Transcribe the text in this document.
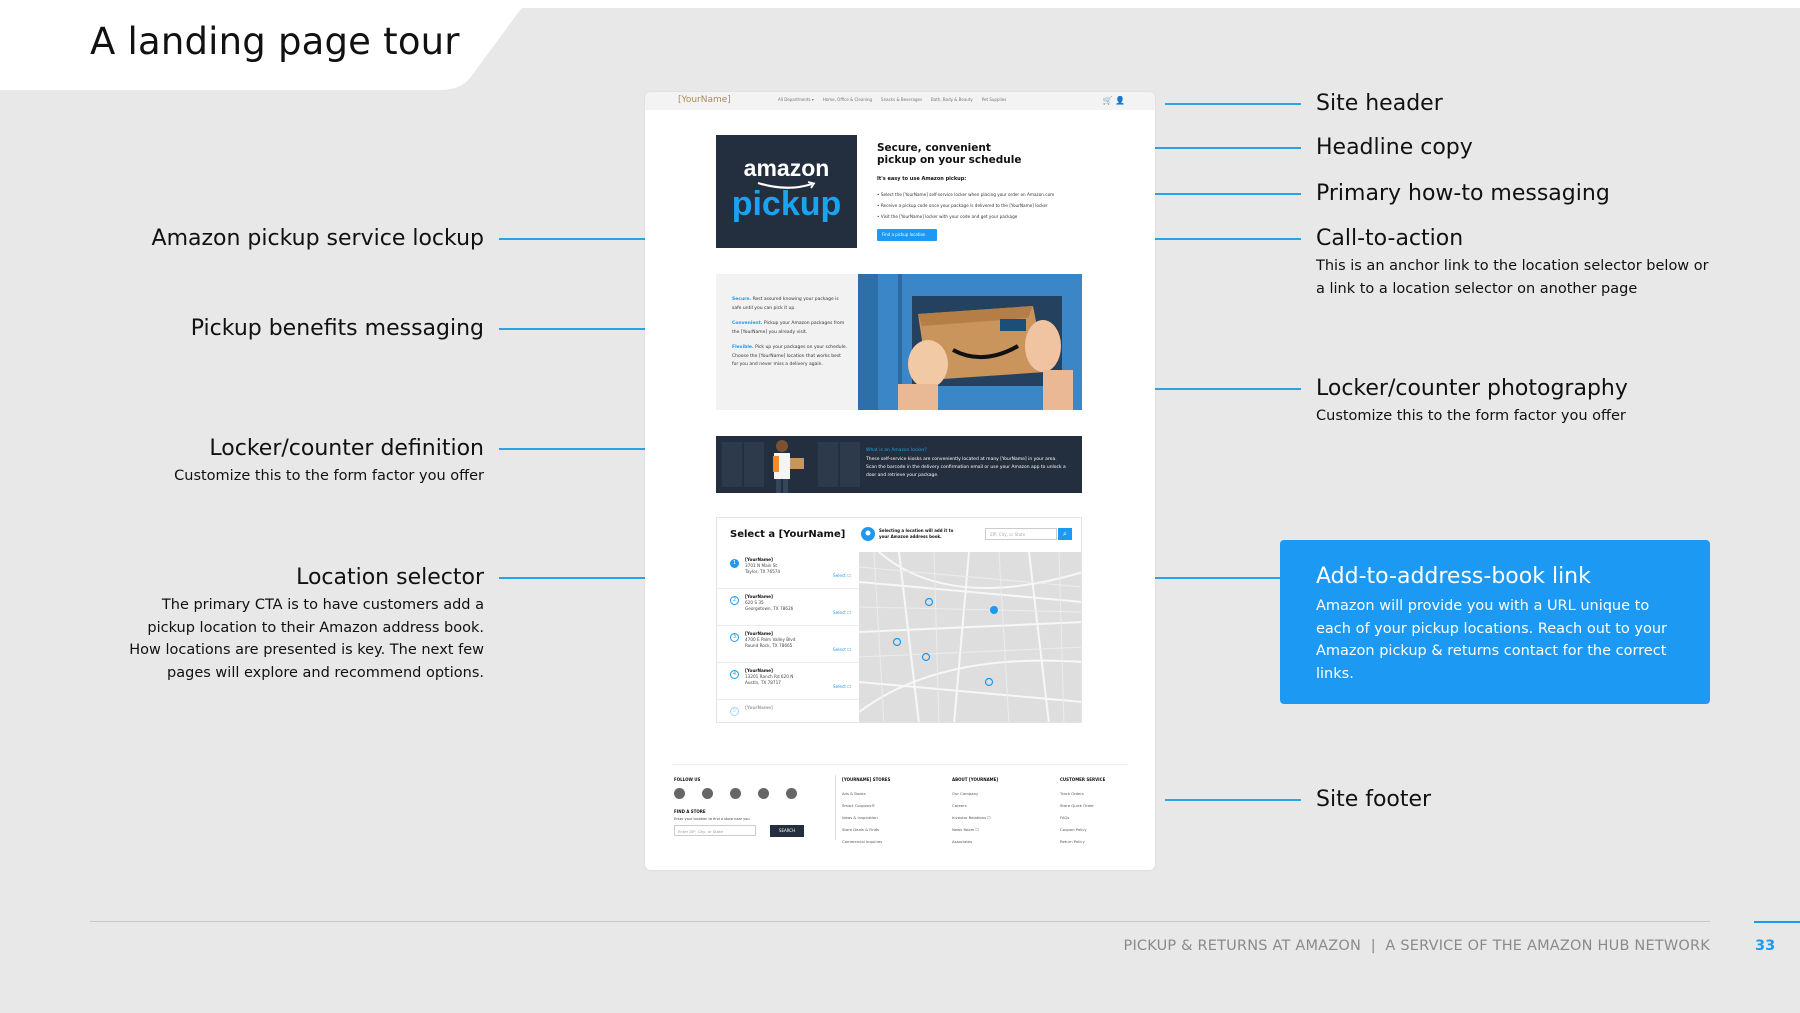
A landing page tour
Amazon pickup service lockup
Pickup benefits messaging
Locker/counter definition
Customize this to the form factor you offer
Location selector
The primary CTA is to have customers add a pickup location to their Amazon address book. How locations are presented is key. The next few pages will explore and recommend options.
Site header
Headline copy
Primary how-to messaging
Call-to-action
This is an anchor link to the location selector below or a link to a location selector on another page
Locker/counter photography
Customize this to the form factor you offer
Add-to-address-book link
Amazon will provide you with a URL unique to each of your pickup locations. Reach out to your Amazon pickup & returns contact for the correct links.
Site footer
[YourName]	All Departments ▾ Home, Office & Cleaning Snacks & Beverages Bath, Body & Beauty Pet Supplies	🛒 👤
amazon
pickup
Secure, convenient pickup on your schedule
It's easy to use Amazon pickup:
• Select the [YourName] self-service locker when placing your order on Amazon.com
• Receive a pickup code once your package is delivered to the [YourName] locker
• Visit the [YourName] locker with your code and get your package
Find a pickup location

Secure. Rest assured knowing your package is safe until you can pick it up.

Convenient. Pickup your Amazon packages from the [YourName] you already visit.

Flexible. Pick up your packages on your schedule. Choose the [YourName] location that works best for you and never miss a delivery again.

What is an Amazon locker?
These self-service kiosks are conveniently located at many [YourName] in your area. Scan the barcode in the delivery confirmation email or use your Amazon app to unlock a door and retrieve your package.
Select a [YourName]	Selecting a location will add it to your Amazon address book.	ZIP, City, or State	⌕
1
[YourName]
3701 N Main St
Taylor, TX 76574
Select ☐
2
[YourName]
620 S 35
Georgetown, TX 78626
Select ☐
3
[YourName]
4700 E Palm Valley Blvd
Round Rock, TX 78665
Select ☐
4
[YourName]
13201 Ranch Rd 620 N
Austin, TX 78717
Select ☐
5
[YourName]
FOLLOW US
FIND A STORE
Enter your location to find a store near you
Enter ZIP, City, or State	SEARCH
[YOURNAME] STORES
Ads & Books
Smart Coupons®
Ideas & Inspiration
Store Deals & Finds
Commercial Inquiries
ABOUT [YOURNAME]
Our Company
Careers
Investor Relations ☐
News Room ☐
Associates
CUSTOMER SERVICE
Track Orders
Store Quick Order
FAQs
Coupon Policy
Return Policy
PICKUP & RETURNS AT AMAZON  |  A SERVICE OF THE AMAZON HUB NETWORK	33
